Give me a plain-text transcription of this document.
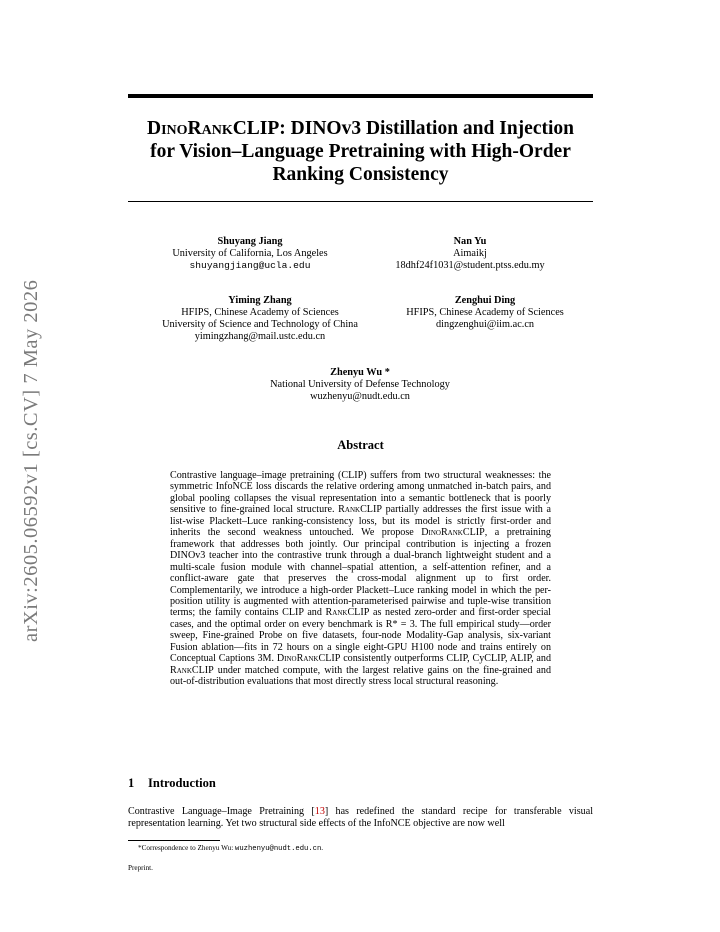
arXiv:2605.06592v1 [cs.CV] 7 May 2026
DinoRankCLIP: DINOv3 Distillation and Injection
for Vision–Language Pretraining with High-Order
Ranking Consistency
Shuyang Jiang
University of California, Los Angeles
shuyangjiang@ucla.edu
Nan Yu
Aimaikj
18dhf24f1031@student.ptss.edu.my
Yiming Zhang
HFIPS, Chinese Academy of Sciences
University of Science and Technology of China
yimingzhang@mail.ustc.edu.cn
Zenghui Ding
HFIPS, Chinese Academy of Sciences
dingzenghui@iim.ac.cn
Zhenyu Wu *
National University of Defense Technology
wuzhenyu@nudt.edu.cn
Abstract
Contrastive language–image pretraining (CLIP) suffers from two structural weaknesses: the symmetric InfoNCE loss discards the relative ordering among unmatched in-batch pairs, and global pooling collapses the visual representation into a semantic bottleneck that is poorly sensitive to fine-grained local structure. RankCLIP partially addresses the first issue with a list-wise Plackett–Luce ranking-consistency loss, but its model is strictly first-order and inherits the second weakness untouched. We propose DinoRankCLIP, a pretraining framework that addresses both jointly. Our principal contribution is injecting a frozen DINOv3 teacher into the contrastive trunk through a dual-branch lightweight student and a multi-scale fusion module with channel–spatial attention, a self-attention refiner, and a conflict-aware gate that preserves the cross-modal alignment up to first order. Complementarily, we introduce a high-order Plackett–Luce ranking model in which the per-position utility is augmented with attention-parameterised pairwise and tuple-wise transition terms; the family contains CLIP and RankCLIP as nested zero-order and first-order special cases, and the optimal order on every benchmark is R* = 3. The full empirical study—order sweep, Fine-grained Probe on five datasets, four-node Modality-Gap analysis, six-variant Fusion ablation—fits in 72 hours on a single eight-GPU H100 node and trains entirely on Conceptual Captions 3M. DinoRankCLIP consistently outperforms CLIP, CyCLIP, ALIP, and RankCLIP under matched compute, with the largest relative gains on the fine-grained and out-of-distribution evaluations that most directly stress local structural reasoning.
1 Introduction
Contrastive Language–Image Pretraining [13] has redefined the standard recipe for transferable visual representation learning. Yet two structural side effects of the InfoNCE objective are now well
*Correspondence to Zhenyu Wu: wuzhenyu@nudt.edu.cn.
Preprint.
